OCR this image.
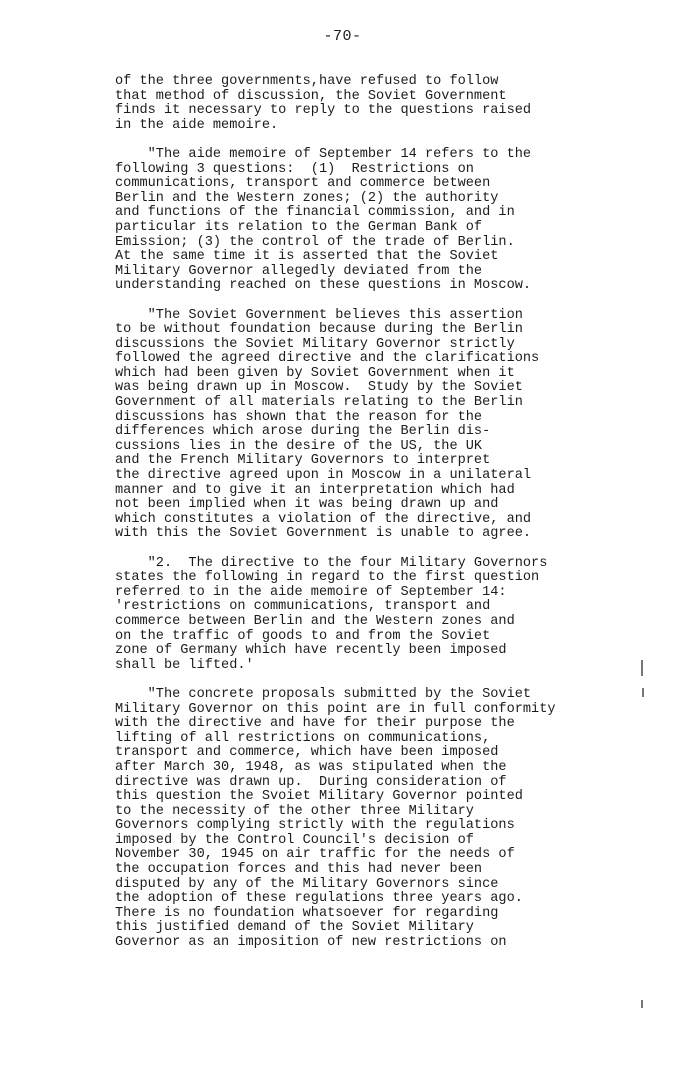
-70-
of the three governments,have refused to follow
that method of discussion, the Soviet Government
finds it necessary to reply to the questions raised
in the aide memoire.
"The aide memoire of September 14 refers to the
following 3 questions:  (1)  Restrictions on
communications, transport and commerce between
Berlin and the Western zones; (2) the authority
and functions of the financial commission, and in
particular its relation to the German Bank of
Emission; (3) the control of the trade of Berlin.
At the same time it is asserted that the Soviet
Military Governor allegedly deviated from the
understanding reached on these questions in Moscow.
"The Soviet Government believes this assertion
to be without foundation because during the Berlin
discussions the Soviet Military Governor strictly
followed the agreed directive and the clarifications
which had been given by Soviet Government when it
was being drawn up in Moscow.  Study by the Soviet
Government of all materials relating to the Berlin
discussions has shown that the reason for the
differences which arose during the Berlin dis-
cussions lies in the desire of the US, the UK
and the French Military Governors to interpret
the directive agreed upon in Moscow in a unilateral
manner and to give it an interpretation which had
not been implied when it was being drawn up and
which constitutes a violation of the directive, and
with this the Soviet Government is unable to agree.
"2.  The directive to the four Military Governors
states the following in regard to the first question
referred to in the aide memoire of September 14:
'restrictions on communications, transport and
commerce between Berlin and the Western zones and
on the traffic of goods to and from the Soviet
zone of Germany which have recently been imposed
shall be lifted.'
"The concrete proposals submitted by the Soviet
Military Governor on this point are in full conformity
with the directive and have for their purpose the
lifting of all restrictions on communications,
transport and commerce, which have been imposed
after March 30, 1948, as was stipulated when the
directive was drawn up.  During consideration of
this question the Svoiet Military Governor pointed
to the necessity of the other three Military
Governors complying strictly with the regulations
imposed by the Control Council's decision of
November 30, 1945 on air traffic for the needs of
the occupation forces and this had never been
disputed by any of the Military Governors since
the adoption of these regulations three years ago.
There is no foundation whatsoever for regarding
this justified demand of the Soviet Military
Governor as an imposition of new restrictions on
